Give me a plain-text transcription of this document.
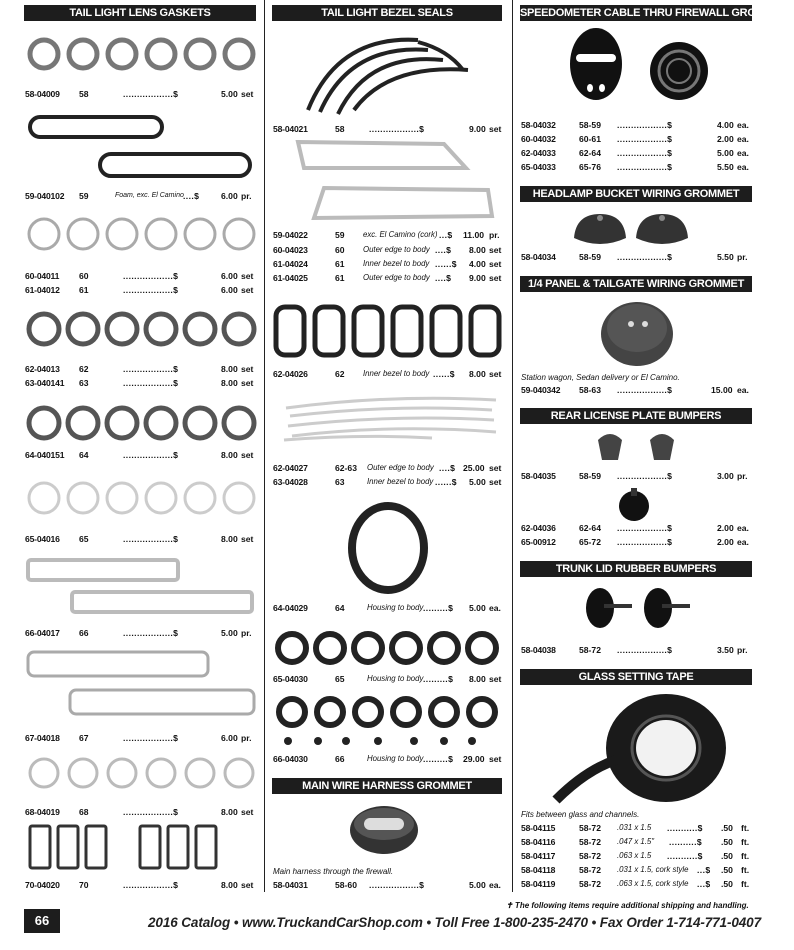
TAIL LIGHT LENS GASKETS
58-04009 58	..................$	5.00 set
59-040102 59	Foam, exc. El Camino ....$	6.00 pr.
60-04011 60	..................$	6.00 set
61-04012 61	..................$	6.00 set
62-04013 62	..................$	8.00 set
63-040141 63	..................$	8.00 set
64-040151 64	..................$	8.00 set
65-04016 65	..................$	8.00 set
66-04017 66	..................$	5.00 pr.
67-04018 67	..................$	6.00 pr.
68-04019 68	..................$	8.00 set
70-04020 70	..................$	8.00 set
TAIL LIGHT BEZEL SEALS
58-04021	58	..................$	9.00 set
59-04022	59 exc. El Camino (cork) ...$ 11.00 pr.
60-04023	60 Outer edge to body ....$ 8.00 set
61-04024	61 Inner bezel to body ......$ 4.00 set
61-04025	61 Outer edge to body ....$ 9.00 set
62-04026	62 Inner bezel to body ......$ 8.00 set
62-04027	62-63 Outer edge to body ....$ 25.00 set
63-04028	63	Inner bezel to body ......$ 5.00 set
64-04029	64	Housing to body .........$ 5.00 ea.
65-04030	65	Housing to body .........$ 8.00 set
66-04030	66	Housing to body .........$ 29.00 set
MAIN WIRE HARNESS GROMMET
Main harness through the firewall.
58-04031	58-60 ..................$	5.00 ea.
SPEEDOMETER CABLE THRU FIREWALL GROMMETS
58-04032	58-59 ..................$	4.00 ea.
60-04032	60-61 ..................$	2.00 ea.
62-04033	62-64 ..................$	5.00 ea.
65-04033	65-76 ..................$	5.50 ea.
HEADLAMP BUCKET WIRING GROMMET
58-04034	58-59 ..................$	5.50 pr.
1/4 PANEL & TAILGATE WIRING GROMMET
Station wagon, Sedan delivery or El Camino.
59-040342 58-63 ..................$	15.00 ea.
REAR LICENSE PLATE BUMPERS
58-04035	58-59 ..................$	3.00 pr.
62-04036	62-64 ..................$	2.00 ea.
65-00912	65-72 ..................$	2.00 ea.
TRUNK LID RUBBER BUMPERS
58-04038	58-72 ..................$	3.50 pr.
GLASS SETTING TAPE
Fits between glass and channels.
58-04115	58-72 .031 x 1.5 ...........$ .50 ft.
58-04116	58-72 .047 x 1.5" ..........$ .50 ft.
58-04117	58-72 .063 x 1.5 ...........$ .50 ft.
58-04118	58-72 .031 x 1.5, cork style ...$ .50 ft.
58-04119	58-72 .063 x 1.5, cork style ...$ .50 ft.
✝ The following items require additional shipping and handling.
66	2016 Catalog • www.TruckandCarShop.com • Toll Free 1-800-235-2470 • Fax Order 1-714-771-0407
